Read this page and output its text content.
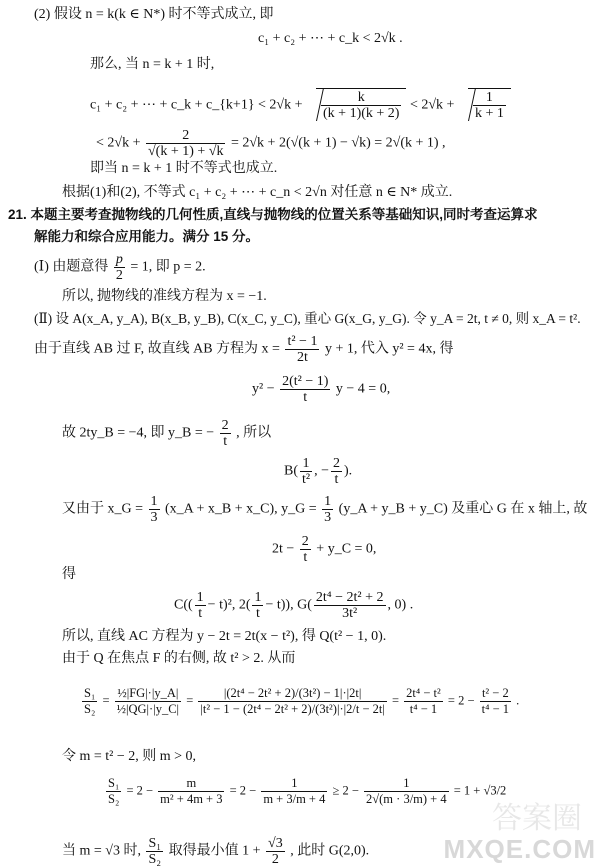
(2) 假设 n = k(k ∈ N*) 时不等式成立, 即
c₁ + c₂ + ⋯ + c_k < 2√k .
那么, 当 n = k + 1 时,
c₁ + c₂ + ⋯ + c_k + c_{k+1} < $2√k + \frac{k}{(k + 1)(k + 2)} < 2√k + \frac{1}{k + 1}$
< $2√k + \frac{2}{√(k + 1) + √k} = 2√k + 2(√(k + 1) - √k) = 2√(k + 1)$ ,
即当 n = k + 1 时不等式也成立.
根据(1)和(2), 不等式 c₁ + c₂ + ⋯ + c_n < 2√n 对任意 n ∈ N* 成立.
21. 本题主要考查抛物线的几何性质,直线与抛物线的位置关系等基础知识,同时考查运算求
解能力和综合应用能力。满分 15 分。
(Ⅰ) 由题意得 $\frac{p}{2} = 1$, 即 p = 2.
所以, 抛物线的准线方程为 x = −1.
(Ⅱ) 设 A(x_A, y_A), B(x_B, y_B), C(x_C, y_C), 重心 G(x_G, y_G). 令 y_A = 2t, t ≠ 0, 则 x_A = t².
由于直线 AB 过 F, 故直线 AB 方程为 $x = \frac{\text{t² − 1}}{2t}$ y + 1, 代入 y² = 4x, 得
$y^2 - \frac{\text{2(t² − 1)}}{t}$ y − 4 = 0,
故 2ty_B = −4, 即 y_B = − $\frac{2}{t}$ , 所以
$B( \frac{1}{\text{t²}}$ , − $\frac{2}{t}$ ).
又由于 x_G = $\frac{1}{3}$ (x_A + x_B + x_C), y_G = $\frac{1}{3}$ (y_A + y_B + y_C) 及重心 G 在 x 轴上, 故
$2t - \frac{2}{t}$ + y_C = 0,
得
$C(( \frac{1}{t} - t)^2$, $2( \frac{1}{t} - t)$), $G( \frac{\text{2t⁴ − 2t² + 2}}{\text{3t²}}$ , 0) .
所以, 直线 AC 方程为 y − 2t = 2t(x − t²), 得 Q(t² − 1, 0).
由于 Q 在焦点 F 的右侧, 故 t² > 2. 从而
$\frac{\text{S₁}}{\text{S₂}} = \frac{\text{½|FG|·|y\_A|}}{\text{½|QG|·|y\_C|}} = \frac{\text{|(2t⁴ − 2t² + 2)/(3t²) − 1|·|2t|}}{\text{|t² − 1 − (2t⁴ − 2t² + 2)/(3t²)|·|2/t − 2t|}} = \frac{\text{2t⁴ − t²}}{\text{t⁴ − 1}} = 2 - \frac{\text{t² − 2}}{\text{t⁴ − 1}}$ .
令 m = t² − 2, 则 m > 0,
$\frac{\text{S₁}}{\text{S₂}} = 2 - \frac{m}{\text{m² + 4m + 3}} = 2 - \frac{1}{m + 3/m + 4} \ge 2 - \frac{1}{2√(m \cdot 3/m) + 4} = 1 + √3/2$
当 m = √3 时, $\frac{\text{S₁}}{\text{S₂}}$ 取得最小值 $1 + \frac{√3}{2}$ , 此时 G(2,0).
答案圈
MXQE.COM
